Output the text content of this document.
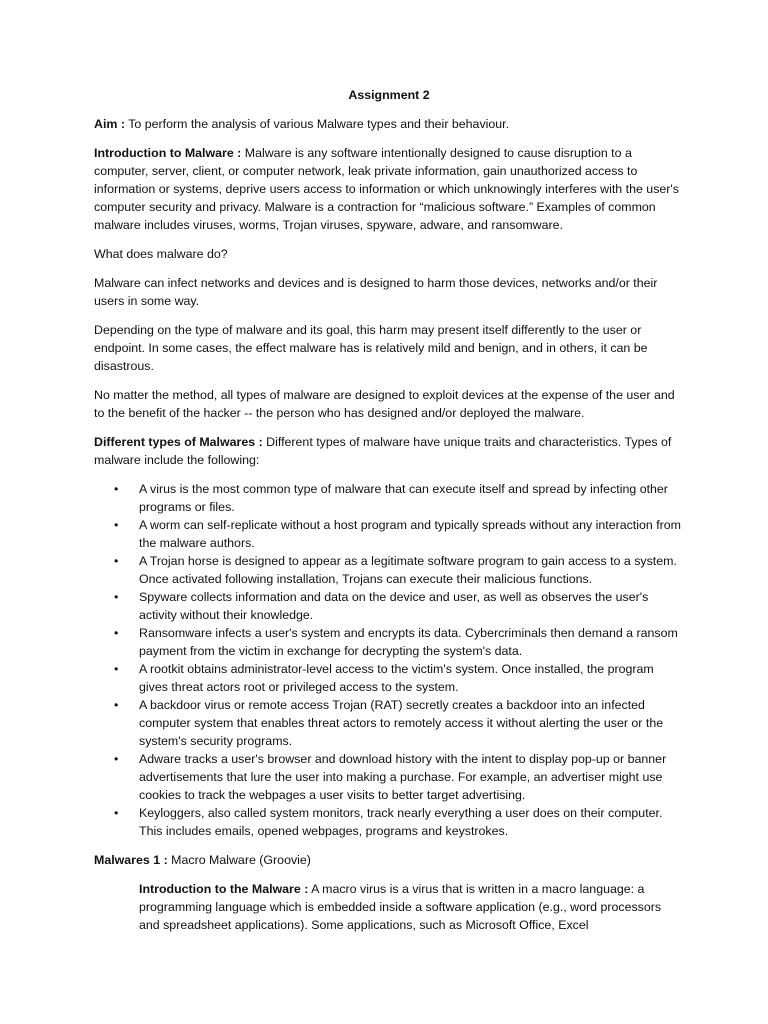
Assignment 2

Aim : To perform the analysis of various Malware types and their behaviour.

Introduction to Malware : Malware is any software intentionally designed to cause disruption to a computer, server, client, or computer network, leak private information, gain unauthorized access to information or systems, deprive users access to information or which unknowingly interferes with the user's computer security and privacy. Malware is a contraction for “malicious software.” Examples of common malware includes viruses, worms, Trojan viruses, spyware, adware, and ransomware.

What does malware do?

Malware can infect networks and devices and is designed to harm those devices, networks and/or their users in some way.

Depending on the type of malware and its goal, this harm may present itself differently to the user or endpoint. In some cases, the effect malware has is relatively mild and benign, and in others, it can be disastrous.

No matter the method, all types of malware are designed to exploit devices at the expense of the user and to the benefit of the hacker -- the person who has designed and/or deployed the malware.

Different types of Malwares : Different types of malware have unique traits and characteristics. Types of malware include the following:

• A virus is the most common type of malware that can execute itself and spread by infecting other programs or files.
• A worm can self-replicate without a host program and typically spreads without any interaction from the malware authors.
• A Trojan horse is designed to appear as a legitimate software program to gain access to a system. Once activated following installation, Trojans can execute their malicious functions.
• Spyware collects information and data on the device and user, as well as observes the user's activity without their knowledge.
• Ransomware infects a user's system and encrypts its data. Cybercriminals then demand a ransom payment from the victim in exchange for decrypting the system's data.
• A rootkit obtains administrator-level access to the victim's system. Once installed, the program gives threat actors root or privileged access to the system.
• A backdoor virus or remote access Trojan (RAT) secretly creates a backdoor into an infected computer system that enables threat actors to remotely access it without alerting the user or the system's security programs.
• Adware tracks a user's browser and download history with the intent to display pop-up or banner advertisements that lure the user into making a purchase. For example, an advertiser might use cookies to track the webpages a user visits to better target advertising.
• Keyloggers, also called system monitors, track nearly everything a user does on their computer. This includes emails, opened webpages, programs and keystrokes.

Malwares 1 : Macro Malware (Groovie)

Introduction to the Malware : A macro virus is a virus that is written in a macro language: a programming language which is embedded inside a software application (e.g., word processors and spreadsheet applications). Some applications, such as Microsoft Office, Excel
